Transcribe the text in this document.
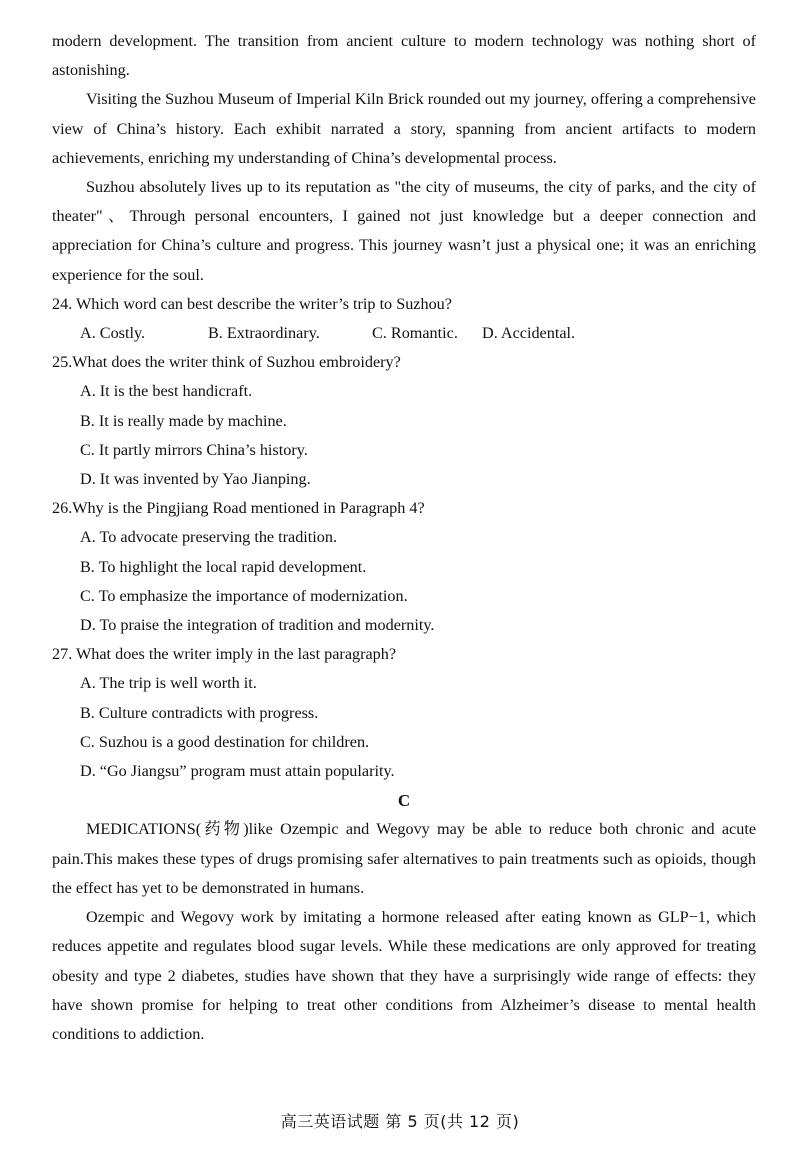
modern development. The transition from ancient culture to modern technology was nothing short of astonishing.

Visiting the Suzhou Museum of Imperial Kiln Brick rounded out my journey, offering a comprehensive view of China’s history. Each exhibit narrated a story, spanning from ancient artifacts to modern achievements, enriching my understanding of China’s developmental process.

Suzhou absolutely lives up to its reputation as "the city of museums, the city of parks, and the city of theater"、Through personal encounters, I gained not just knowledge but a deeper connection and appreciation for China’s culture and progress. This journey wasn’t just a physical one; it was an enriching experience for the soul.

24. Which word can best describe the writer’s trip to Suzhou?

A. Costly.	B. Extraordinary.	C. Romantic.	D. Accidental.

25.What does the writer think of Suzhou embroidery?

A. It is the best handicraft.

B. It is really made by machine.

C. It partly mirrors China’s history.

D. It was invented by Yao Jianping.

26.Why is the Pingjiang Road mentioned in Paragraph 4?

A. To advocate preserving the tradition.

B. To highlight the local rapid development.

C. To emphasize the importance of modernization.

D. To praise the integration of tradition and modernity.

27. What does the writer imply in the last paragraph?

A. The trip is well worth it.

B. Culture contradicts with progress.

C. Suzhou is a good destination for children.

D. “Go Jiangsu” program must attain popularity.

C

MEDICATIONS(药物)like Ozempic and Wegovy may be able to reduce both chronic and acute pain.This makes these types of drugs promising safer alternatives to pain treatments such as opioids, though the effect has yet to be demonstrated in humans.

Ozempic and Wegovy work by imitating a hormone released after eating known as GLP−1, which reduces appetite and regulates blood sugar levels. While these medications are only approved for treating obesity and type 2 diabetes, studies have shown that they have a surprisingly wide range of effects: they have shown promise for helping to treat other conditions from Alzheimer’s disease to mental health conditions to addiction.

高三英语试题 第 5 页(共 12 页)
